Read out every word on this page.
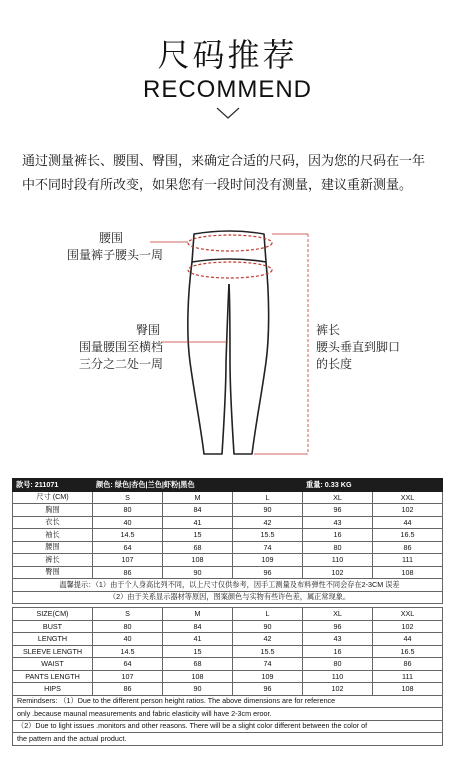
尺码推荐
RECOMMEND
通过测量裤长、腰围、臀围，来确定合适的尺码，因为您的尺码在一年中不同时段有所改变，如果您有一段时间没有测量，建议重新测量。
腰围
围量裤子腰头一周
臀围
围量腰围至横档
三分之二处一周
裤长
腰头垂直到脚口
的长度
款号: 211071	颜色: 绿色|杏色|兰色|虾粉|黑色			重量: 0.33 KG	
尺寸 (CM)	S	M	L	XL	XXL
胸围	80	84	90	96	102
衣长	40	41	42	43	44
袖长	14.5	15	15.5	16	16.5
腰围	64	68	74	80	86
裤长	107	108	109	110	111
臀围	86	90	96	102	108
温馨提示：（1）由于个人身高比列不同，以上尺寸仅供参考，因手工测量及布料弹性不同会存在2-3CM 误差					
（2）由于关系显示器材等原因，图案颜色与实物有些许色差，属正常现象。					
SIZE(CM)	S	M	L	XL	XXL
BUST	80	84	90	96	102
LENGTH	40	41	42	43	44
SLEEVE LENGTH	14.5	15	15.5	16	16.5
WAIST	64	68	74	80	86
PANTS LENGTH	107	108	109	110	111
HIPS	86	90	96	102	108
Remindsers: （1）Due to the different person height ratios. The above dimensions are for reference					
only .because maunal measurements and fabric elasticity will have 2-3cm eroor.					
（2）Due to light issues .monitors and other reasons. There will be a slight color different between the color of					
the pattern and the actual product.					
